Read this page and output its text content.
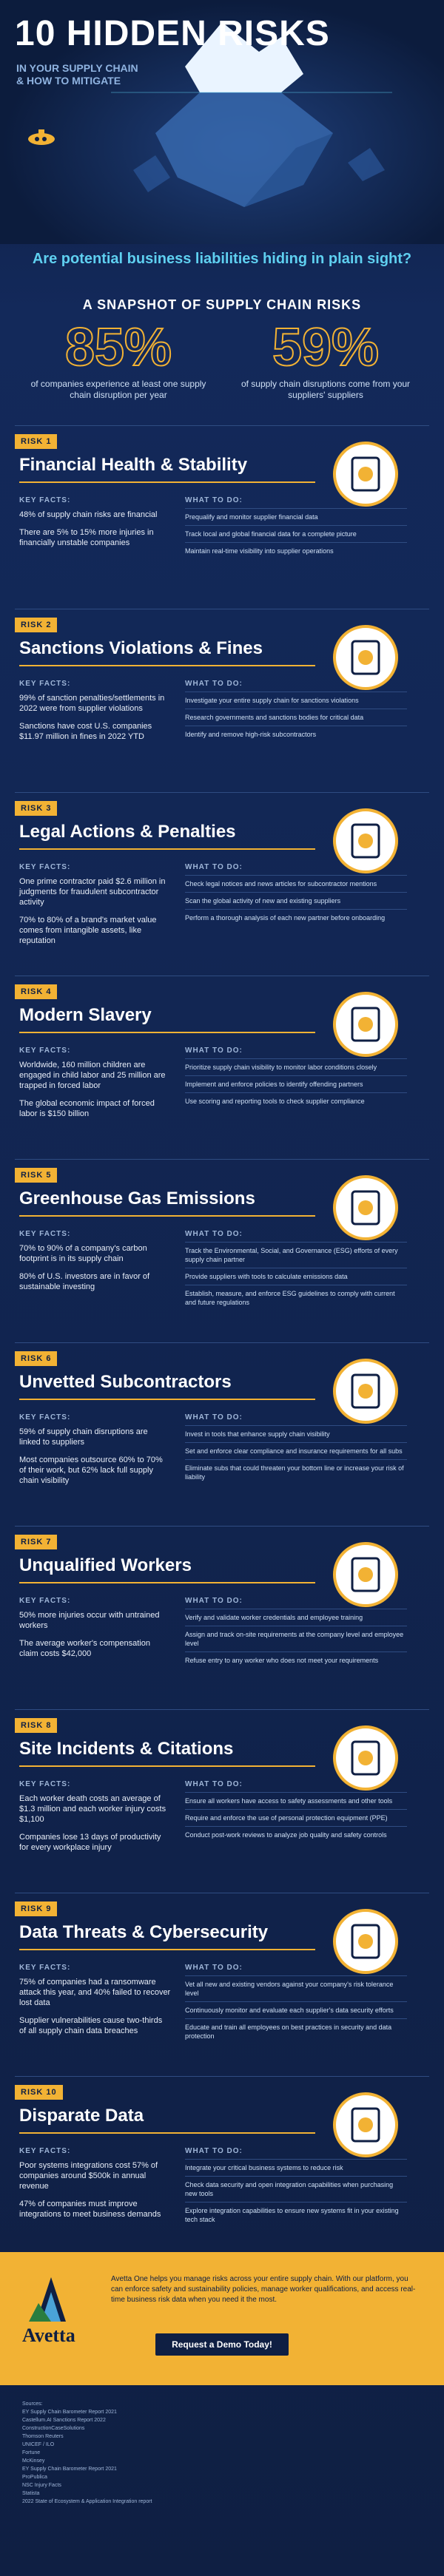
10 HIDDEN RISKS
IN YOUR SUPPLY CHAIN
& HOW TO MITIGATE
Are potential business liabilities hiding in plain sight?
A SNAPSHOT OF SUPPLY CHAIN RISKS
85%
of companies experience at least one supply chain disruption per year
59%
of supply chain disruptions come from your suppliers' suppliers
RISK 1
Financial Health & Stability
KEY FACTS:	WHAT TO DO:

48% of supply chain risks are financial

There are 5% to 15% more injuries in financially unstable companies

Prequalify and monitor supplier financial data
Track local and global financial data for a complete picture
Maintain real-time visibility into supplier operations
RISK 2
Sanctions Violations & Fines
KEY FACTS:	WHAT TO DO:

99% of sanction penalties/settlements in 2022 were from supplier violations

Sanctions have cost U.S. companies $11.97 million in fines in 2022 YTD

Investigate your entire supply chain for sanctions violations
Research governments and sanctions bodies for critical data
Identify and remove high-risk subcontractors
RISK 3
Legal Actions & Penalties
KEY FACTS:	WHAT TO DO:

One prime contractor paid $2.6 million in judgments for fraudulent subcontractor activity

70% to 80% of a brand's market value comes from intangible assets, like reputation

Check legal notices and news articles for subcontractor mentions
Scan the global activity of new and existing suppliers
Perform a thorough analysis of each new partner before onboarding
RISK 4
Modern Slavery
KEY FACTS:	WHAT TO DO:

Worldwide, 160 million children are engaged in child labor and 25 million are trapped in forced labor

The global economic impact of forced labor is $150 billion

Prioritize supply chain visibility to monitor labor conditions closely
Implement and enforce policies to identify offending partners
Use scoring and reporting tools to check supplier compliance
RISK 5
Greenhouse Gas Emissions
KEY FACTS:	WHAT TO DO:

70% to 90% of a company's carbon footprint is in its supply chain

80% of U.S. investors are in favor of sustainable investing

Track the Environmental, Social, and Governance (ESG) efforts of every supply chain partner
Provide suppliers with tools to calculate emissions data
Establish, measure, and enforce ESG guidelines to comply with current and future regulations
RISK 6
Unvetted Subcontractors
KEY FACTS:	WHAT TO DO:

59% of supply chain disruptions are linked to suppliers

Most companies outsource 60% to 70% of their work, but 62% lack full supply chain visibility

Invest in tools that enhance supply chain visibility
Set and enforce clear compliance and insurance requirements for all subs
Eliminate subs that could threaten your bottom line or increase your risk of liability
RISK 7
Unqualified Workers
KEY FACTS:	WHAT TO DO:

50% more injuries occur with untrained workers

The average worker's compensation claim costs $42,000

Verify and validate worker credentials and employee training
Assign and track on-site requirements at the company level and employee level
Refuse entry to any worker who does not meet your requirements
RISK 8
Site Incidents & Citations
KEY FACTS:	WHAT TO DO:

Each worker death costs an average of $1.3 million and each worker injury costs $1,100

Companies lose 13 days of productivity for every workplace injury

Ensure all workers have access to safety assessments and other tools
Require and enforce the use of personal protection equipment (PPE)
Conduct post-work reviews to analyze job quality and safety controls
RISK 9
Data Threats & Cybersecurity
KEY FACTS:	WHAT TO DO:

75% of companies had a ransomware attack this year, and 40% failed to recover lost data

Supplier vulnerabilities cause two-thirds of all supply chain data breaches

Vet all new and existing vendors against your company's risk tolerance level
Continuously monitor and evaluate each supplier's data security efforts
Educate and train all employees on best practices in security and data protection
RISK 10
Disparate Data
KEY FACTS:	WHAT TO DO:

Poor systems integrations cost 57% of companies around $500k in annual revenue

47% of companies must improve integrations to meet business demands

Integrate your critical business systems to reduce risk
Check data security and open integration capabilities when purchasing new tools
Explore integration capabilities to ensure new systems fit in your existing tech stack
Avetta
Avetta One helps you manage risks across your entire supply chain. With our platform, you can enforce safety and sustainability policies, manage worker qualifications, and access real-time business risk data when you need it the most.
Request a Demo Today!
Sources:
EY Supply Chain Barometer Report 2021
Castellum.AI Sanctions Report 2022
ConstructionCaseSolutions
Thomson Reuters
UNICEF / ILO
Fortune
McKinsey
EY Supply Chain Barometer Report 2021
ProPublica
NSC Injury Facts
Statista
2022 State of Ecosystem & Application Integration report
